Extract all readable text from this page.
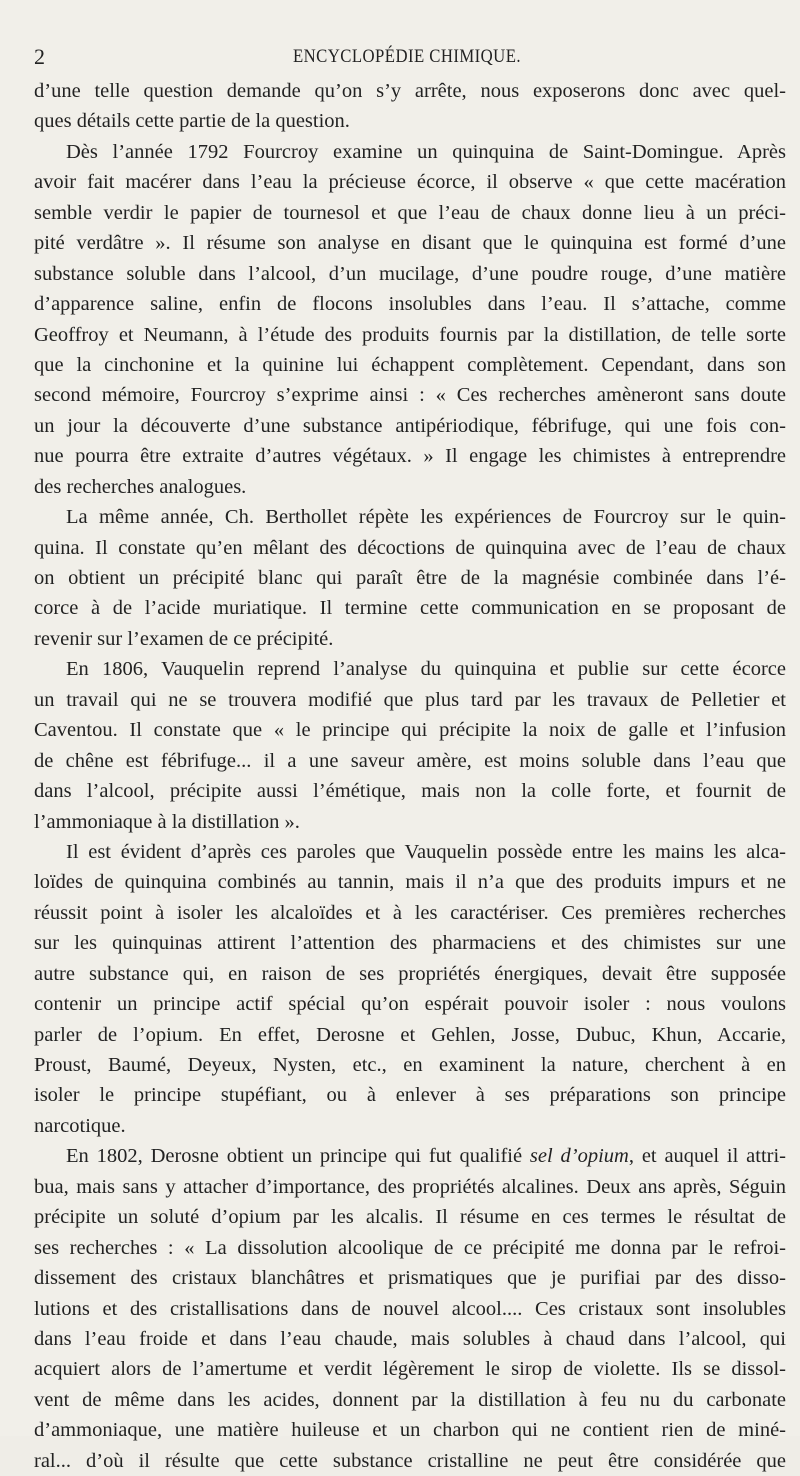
2	ENCYCLOPÉDIE CHIMIQUE.
d’une telle question demande qu’on s’y arrête, nous exposerons donc avec quel-
ques détails cette partie de la question.
Dès l’année 1792 Fourcroy examine un quinquina de Saint-Domingue. Après
avoir fait macérer dans l’eau la précieuse écorce, il observe « que cette macération
semble verdir le papier de tournesol et que l’eau de chaux donne lieu à un préci-
pité verdâtre ». Il résume son analyse en disant que le quinquina est formé d’une
substance soluble dans l’alcool, d’un mucilage, d’une poudre rouge, d’une matière
d’apparence saline, enfin de flocons insolubles dans l’eau. Il s’attache, comme
Geoffroy et Neumann, à l’étude des produits fournis par la distillation, de telle sorte
que la cinchonine et la quinine lui échappent complètement. Cependant, dans son
second mémoire, Fourcroy s’exprime ainsi : « Ces recherches amèneront sans doute
un jour la découverte d’une substance antipériodique, fébrifuge, qui une fois con-
nue pourra être extraite d’autres végétaux. » Il engage les chimistes à entreprendre
des recherches analogues.
La même année, Ch. Berthollet répète les expériences de Fourcroy sur le quin-
quina. Il constate qu’en mêlant des décoctions de quinquina avec de l’eau de chaux
on obtient un précipité blanc qui paraît être de la magnésie combinée dans l’é-
corce à de l’acide muriatique. Il termine cette communication en se proposant de
revenir sur l’examen de ce précipité.
En 1806, Vauquelin reprend l’analyse du quinquina et publie sur cette écorce
un travail qui ne se trouvera modifié que plus tard par les travaux de Pelletier et
Caventou. Il constate que « le principe qui précipite la noix de galle et l’infusion
de chêne est fébrifuge... il a une saveur amère, est moins soluble dans l’eau que
dans l’alcool, précipite aussi l’émétique, mais non la colle forte, et fournit de
l’ammoniaque à la distillation ».
Il est évident d’après ces paroles que Vauquelin possède entre les mains les alca-
loïdes de quinquina combinés au tannin, mais il n’a que des produits impurs et ne
réussit point à isoler les alcaloïdes et à les caractériser. Ces premières recherches
sur les quinquinas attirent l’attention des pharmaciens et des chimistes sur une
autre substance qui, en raison de ses propriétés énergiques, devait être supposée
contenir un principe actif spécial qu’on espérait pouvoir isoler : nous voulons
parler de l’opium. En effet, Derosne et Gehlen, Josse, Dubuc, Khun, Accarie,
Proust, Baumé, Deyeux, Nysten, etc., en examinent la nature, cherchent à en
isoler le principe stupéfiant, ou à enlever à ses préparations son principe
narcotique.
En 1802, Derosne obtient un principe qui fut qualifié sel d’opium, et auquel il attri-
bua, mais sans y attacher d’importance, des propriétés alcalines. Deux ans après, Séguin
précipite un soluté d’opium par les alcalis. Il résume en ces termes le résultat de
ses recherches : « La dissolution alcoolique de ce précipité me donna par le refroi-
dissement des cristaux blanchâtres et prismatiques que je purifiai par des disso-
lutions et des cristallisations dans de nouvel alcool.... Ces cristaux sont insolubles
dans l’eau froide et dans l’eau chaude, mais solubles à chaud dans l’alcool, qui
acquiert alors de l’amertume et verdit légèrement le sirop de violette. Ils se dissol-
vent de même dans les acides, donnent par la distillation à feu nu du carbonate
d’ammoniaque, une matière huileuse et un charbon qui ne contient rien de miné-
ral... d’où il résulte que cette substance cristalline ne peut être considérée que
